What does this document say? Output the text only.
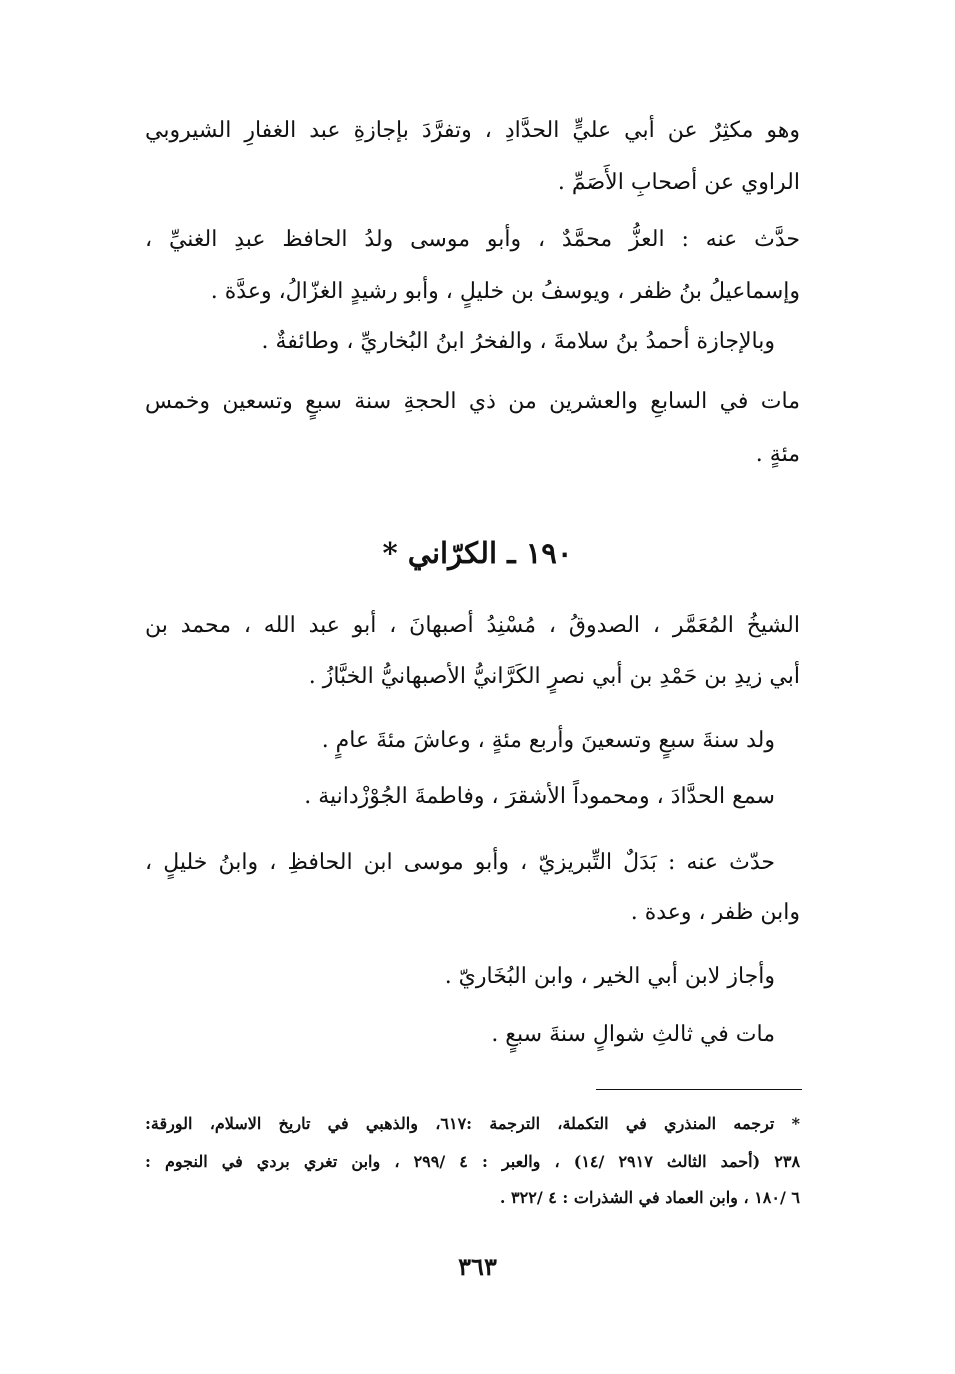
وهو مكثِرٌ عن أبي عليٍّ الحدَّادِ ، وتفرَّدَ بإجازةِ عبد الغفارِ الشيروبي
الراوي عن أصحابِ الأَصَمِّ .
حدَّث عنه : العزُّ محمَّدٌ ، وأبو موسى ولدُ الحافظ عبدِ الغنيِّ ،
وإسماعيلُ بنُ ظفر ، ويوسفُ بن خليلٍ ، وأبو رشيدٍ الغزّالُ، وعدَّة .
وبالإجازة أحمدُ بنُ سلامةَ ، والفخرُ ابنُ البُخاريِّ ، وطائفةٌ .
مات في السابعِ والعشرين من ذي الحجةِ سنة سبعٍ وتسعين وخمس
مئةٍ .
١٩٠ ـ الكرّاني *
الشيخُ المُعَمَّر ، الصدوقُ ، مُسْنِدُ أصبهانَ ، أبو عبد الله ، محمد بن
أبي زيدِ بن حَمْدِ بن أبي نصرٍ الكَرَّانيُّ الأصبهانيُّ الخبَّازُ .
ولد سنةَ سبعٍ وتسعينَ وأربع مئةٍ ، وعاشَ مئةَ عامٍ .
سمع الحدَّادَ ، ومحموداً الأشقرَ ، وفاطمةَ الجُوْزْدانية .
حدّث عنه : بَدَلٌ التِّبريزيّ ، وأبو موسى ابن الحافظِ ، وابنُ خليلٍ ،
وابن ظفر ، وعدة .
وأجاز لابن أبي الخير ، وابن البُخَاريّ .
مات في ثالثِ شوالٍ سنةَ سبعٍ .
* ترجمه المنذري في التكملة، الترجمة :٦١٧، والذهبي في تاريخ الاسلام، الورقة:
٢٣٨ (أحمد الثالث ٢٩١٧ /١٤) ، والعبر : ٤ /٢٩٩ ، وابن تغري بردي في النجوم :
٦ /١٨٠ ، وابن العماد في الشذرات : ٤ /٣٢٢ .
٣٦٣
